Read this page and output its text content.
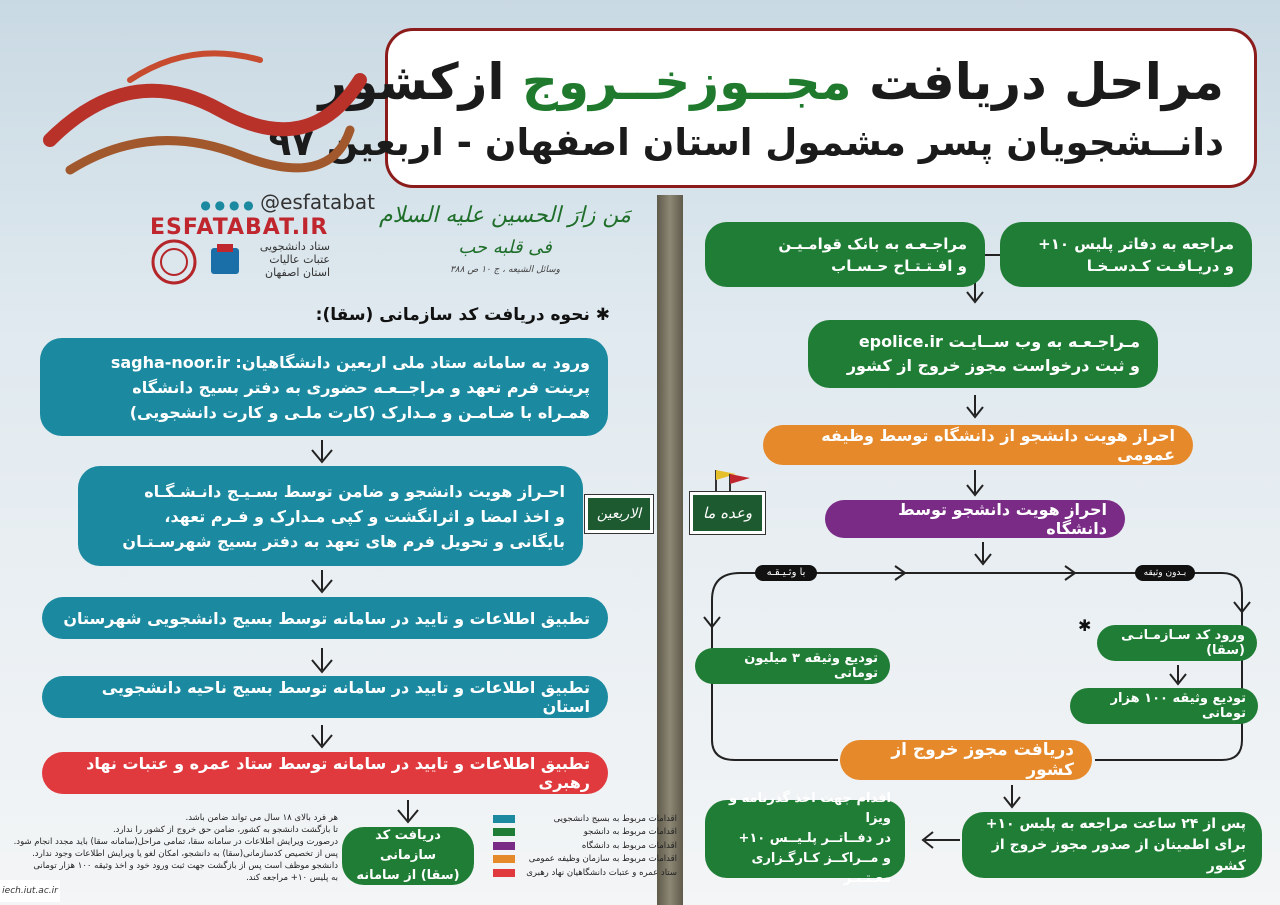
مراحل دریافت مجــوزخــروج ازکشور
دانــشجویان پسر مشمول استان اصفهان - اربعین ۹۷
● ● ● ● @esfatabat
ESFATABAT.IR
ستاد دانشجویی
عتبات عالیات
استان اصفهان
مَن زارَ الحسین علیه السلام
فی قلبه حب
وسائل الشیعه ، ج ۱۰ ص ۳۸۸
الاربعین	وعده ما
با وثـیـقـه	بـدون وثیقه
مراجعه به دفاتر پلیس ۱۰+
و دریـافـت کـدسـخـا
مراجـعـه به بانک قوامـیـن
و افـتـتـاح حـسـاب
مـراجـعـه به وب ســایـت epolice.ir
و ثبت درخواست مجوز خروج از کشور
احراز هویت دانشجو از دانشگاه توسط وظیفه عمومی
احراز هویت دانشجو توسط دانشگاه
✱
ورود کد سـازمـانـی (سقا)
تودیع وثیقه ۱۰۰ هزار تومانی
تودیع وثیقه ۳ میلیون تومانی
دریافت مجوز خروج از کشور
پس از ۲۴ ساعت مراجعه به پلیس ۱۰+
برای اطمینان از صدور مجوز خروج از کشور
اقدام جهت اخذ گذرنامه و ویزا
در دفــاتــر پلـیــس ۱۰+
و مــراکــز کـارگـزاری معـتـبـر
✱ نحوه دریافت کد سازمانی (سقا):
ورود به سامانه ستاد ملی اربعین دانشگاهیان: sagha-noor.ir
پرینت فرم تعهد و مراجــعـه حضوری به دفتر بسیج دانشگاه
همـراه با ضـامـن و مـدارک (کارت ملـی و کارت دانشجویی)
احـراز هویت دانشجو و ضامن توسط بسـیـج دانـشـگـاه
و اخذ امضا و اثرانگشت و کپی مـدارک و فـرم تعهد،
بایگانی و تحویل فرم های تعهد به دفتر بسیج شهرسـتـان
تطبیق اطلاعات و تایید در سامانه توسط بسیج دانشجویی شهرستان
تطبیق اطلاعات و تایید در سامانه توسط بسیج ناحیه دانشجویی استان
تطبیق اطلاعات و تایید در سامانه توسط ستاد عمره و عتبات نهاد رهبری
دریافت کد سازمانی
(سقا) از سامانه
هر فرد بالای ۱۸ سال می تواند ضامن باشد.
تا بازگشت دانشجو به کشور، ضامن حق خروج از کشور را ندارد.
درصورت ویرایش اطلاعات در سامانه سقا، تمامی مراحل(سامانه سقا) باید مجدد انجام شود.
پس از تخصیص کدسازمانی(سقا) به دانشجو، امکان لغو یا ویرایش اطلاعات وجود ندارد.
دانشجو موظف است پس از بازگشت جهت ثبت ورود خود و اخذ وثیقه ۱۰۰ هزار تومانی
به پلیس ۱۰+ مراجعه کند.
اقدامات مربوط به بسیج دانشجویی
اقدامات مربوط به دانشجو
اقدامات مربوط به دانشگاه
اقدامات مربوط به سازمان وظیفه عمومی
ستاد عمره و عتبات دانشگاهیان نهاد رهبری
iech.iut.ac.ir
